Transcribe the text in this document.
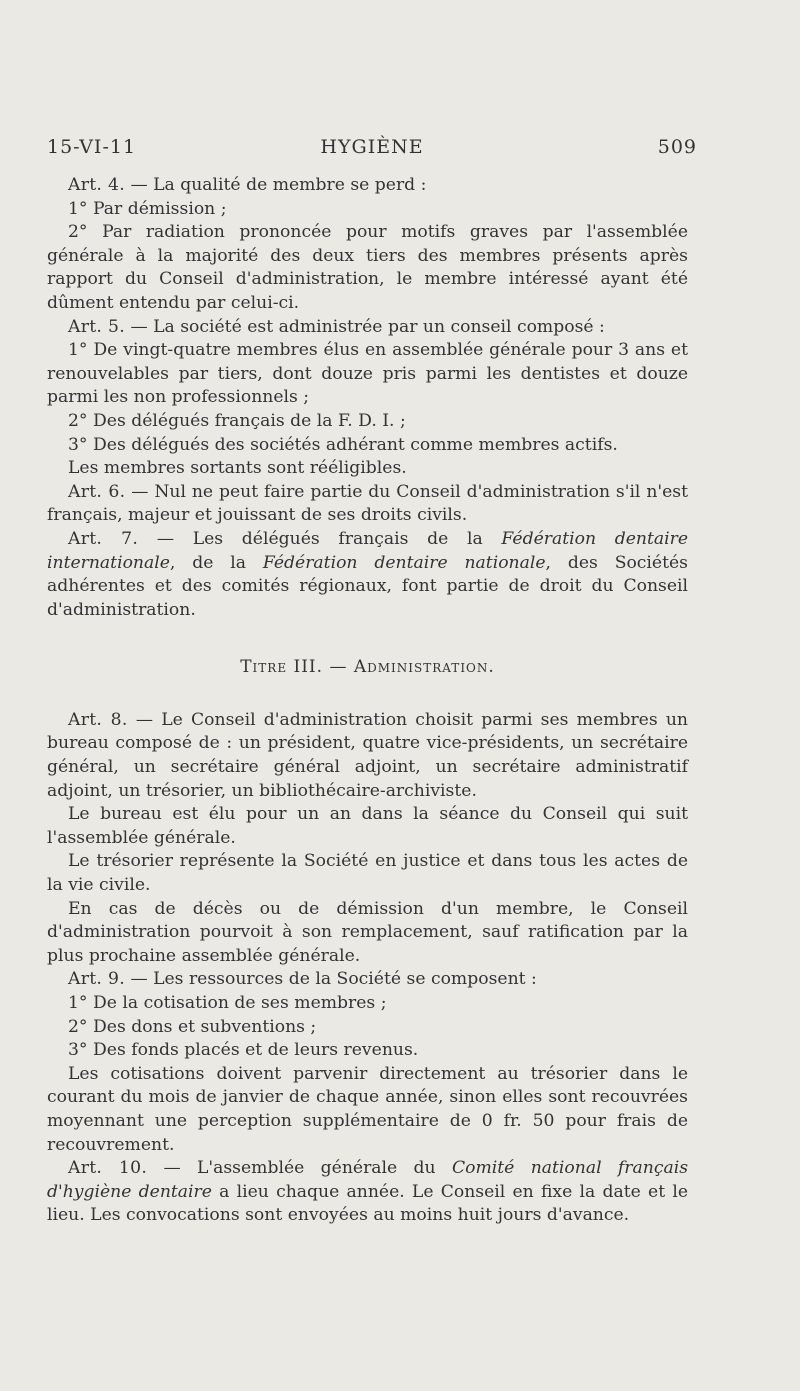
15-VI-11	HYGIÈNE	509

Art. 4. — La qualité de membre se perd :

1° Par démission ;

2° Par radiation prononcée pour motifs graves par l'assemblée générale à la majorité des deux tiers des membres présents après rapport du Conseil d'administration, le membre intéressé ayant été dûment entendu par celui-ci.

Art. 5. — La société est administrée par un conseil composé :

1° De vingt-quatre membres élus en assemblée générale pour 3 ans et renouvelables par tiers, dont douze pris parmi les dentistes et douze parmi les non professionnels ;

2° Des délégués français de la F. D. I. ;

3° Des délégués des sociétés adhérant comme membres actifs.

Les membres sortants sont rééligibles.

Art. 6. — Nul ne peut faire partie du Conseil d'administration s'il n'est français, majeur et jouissant de ses droits civils.

Art. 7. — Les délégués français de la Fédération dentaire internationale, de la Fédération dentaire nationale, des Sociétés adhérentes et des comités régionaux, font partie de droit du Conseil d'administration.

Titre III. — Administration.

Art. 8. — Le Conseil d'administration choisit parmi ses membres un bureau composé de : un président, quatre vice-présidents, un secrétaire général, un secrétaire général adjoint, un secrétaire administratif adjoint, un trésorier, un bibliothécaire-archiviste.

Le bureau est élu pour un an dans la séance du Conseil qui suit l'assemblée générale.

Le trésorier représente la Société en justice et dans tous les actes de la vie civile.

En cas de décès ou de démission d'un membre, le Conseil d'administration pourvoit à son remplacement, sauf ratification par la plus prochaine assemblée générale.

Art. 9. — Les ressources de la Société se composent :

1° De la cotisation de ses membres ;

2° Des dons et subventions ;

3° Des fonds placés et de leurs revenus.

Les cotisations doivent parvenir directement au trésorier dans le courant du mois de janvier de chaque année, sinon elles sont recouvrées moyennant une perception supplémentaire de 0 fr. 50 pour frais de recouvrement.

Art. 10. — L'assemblée générale du Comité national français d'hygiène dentaire a lieu chaque année. Le Conseil en fixe la date et le lieu. Les convocations sont envoyées au moins huit jours d'avance.
